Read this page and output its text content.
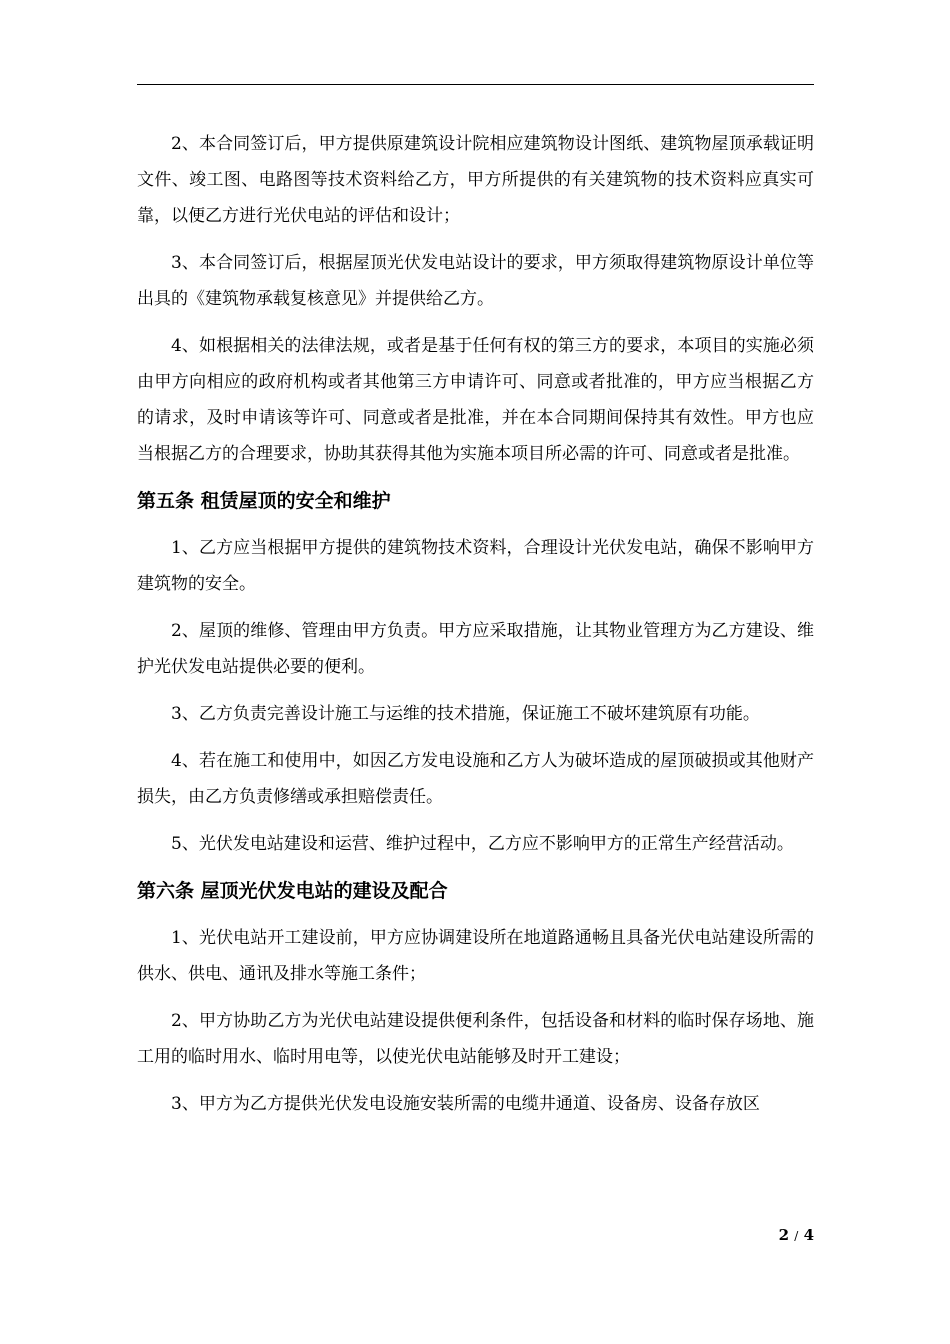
2、本合同签订后，甲方提供原建筑设计院相应建筑物设计图纸、建筑物屋顶承载证明文件、竣工图、电路图等技术资料给乙方，甲方所提供的有关建筑物的技术资料应真实可靠，以便乙方进行光伏电站的评估和设计；

3、本合同签订后，根据屋顶光伏发电站设计的要求，甲方须取得建筑物原设计单位等出具的《建筑物承载复核意见》并提供给乙方。

4、如根据相关的法律法规，或者是基于任何有权的第三方的要求，本项目的实施必须由甲方向相应的政府机构或者其他第三方申请许可、同意或者批准的，甲方应当根据乙方的请求，及时申请该等许可、同意或者是批准，并在本合同期间保持其有效性。甲方也应当根据乙方的合理要求，协助其获得其他为实施本项目所必需的许可、同意或者是批准。

第五条 租赁屋顶的安全和维护

1、乙方应当根据甲方提供的建筑物技术资料，合理设计光伏发电站，确保不影响甲方建筑物的安全。

2、屋顶的维修、管理由甲方负责。甲方应采取措施，让其物业管理方为乙方建设、维护光伏发电站提供必要的便利。

3、乙方负责完善设计施工与运维的技术措施，保证施工不破坏建筑原有功能。

4、若在施工和使用中，如因乙方发电设施和乙方人为破坏造成的屋顶破损或其他财产损失，由乙方负责修缮或承担赔偿责任。

5、光伏发电站建设和运营、维护过程中，乙方应不影响甲方的正常生产经营活动。

第六条 屋顶光伏发电站的建设及配合

1、光伏电站开工建设前，甲方应协调建设所在地道路通畅且具备光伏电站建设所需的供水、供电、通讯及排水等施工条件；

2、甲方协助乙方为光伏电站建设提供便利条件，包括设备和材料的临时保存场地、施工用的临时用水、临时用电等，以使光伏电站能够及时开工建设；

3、甲方为乙方提供光伏发电设施安装所需的电缆井通道、设备房、设备存放区

2 / 4
